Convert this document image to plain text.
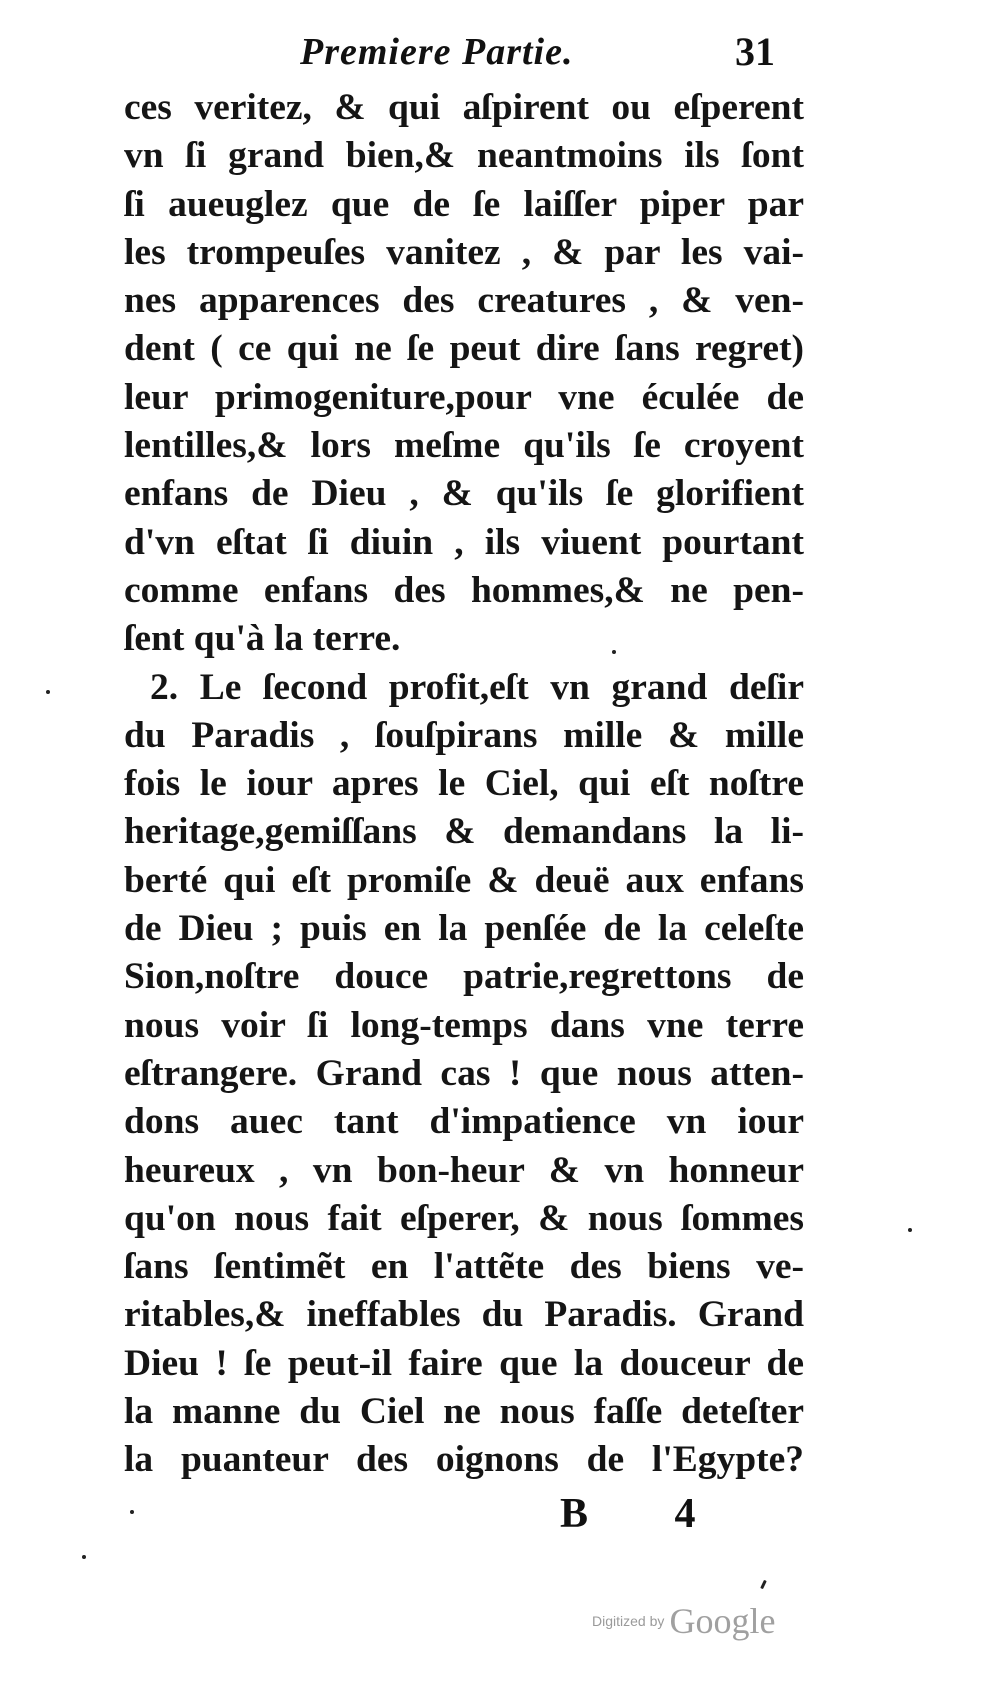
Premiere Partie.	31
ces veritez, & qui aſpirent ou eſperent
vn ſi grand bien,& neantmoins ils ſont
ſi aueuglez que de ſe laiſſer piper par
les trompeuſes vanitez , & par les vai-
nes apparences des creatures , & ven-
dent ( ce qui ne ſe peut dire ſans regret)
leur primogeniture,pour vne éculée de
lentilles,& lors meſme qu'ils ſe croyent
enfans de Dieu , & qu'ils ſe glorifient
d'vn eſtat ſi diuin , ils viuent pourtant
comme enfans des hommes,& ne pen-
ſent qu'à la terre.
2. Le ſecond profit,eſt vn grand deſir
du Paradis , ſouſpirans mille & mille
fois le iour apres le Ciel, qui eſt noſtre
heritage,gemiſſans & demandans la li-
berté qui eſt promiſe & deuë aux enfans
de Dieu ; puis en la penſée de la celeſte
Sion,noſtre douce patrie,regrettons de
nous voir ſi long-temps dans vne terre
eſtrangere. Grand cas ! que nous atten-
dons auec tant d'impatience vn iour
heureux , vn bon-heur & vn honneur
qu'on nous fait eſperer, & nous ſommes
ſans ſentimẽt en l'attẽte des biens ve-
ritables,& ineffables du Paradis. Grand
Dieu ! ſe peut-il faire que la douceur de
la manne du Ciel ne nous faſſe deteſter
la puanteur des oignons de l'Egypte?
B 4
Digitized by Google
